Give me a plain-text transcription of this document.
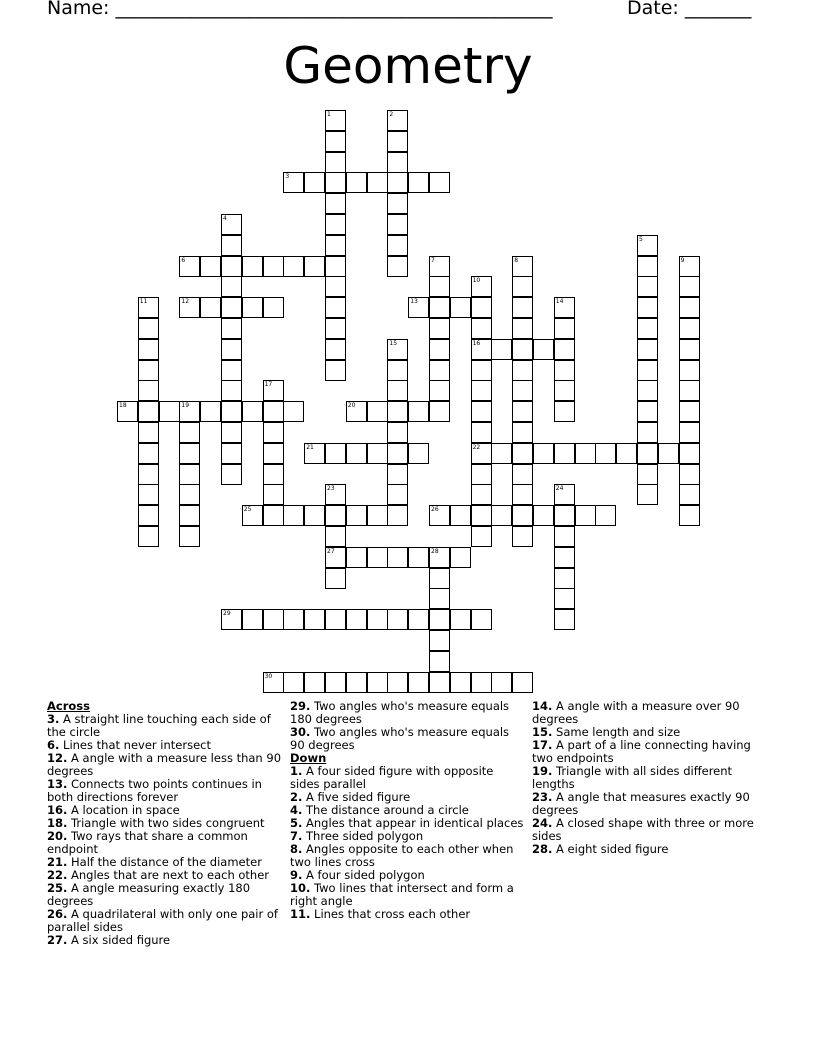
Name: ______________________________________________	Date: _______
Geometry
1	2
3
4
5
6	7	8	9
10
11	12	13	14
15	16
17
18	19	20
21	22
23	24
25	26
27	28
29
30
Across
3. A straight line touching each side of the circle
6. Lines that never intersect
12. A angle with a measure less than 90 degrees
13. Connects two points continues in both directions forever
16. A location in space
18. Triangle with two sides congruent
20. Two rays that share a common endpoint
21. Half the distance of the diameter
22. Angles that are next to each other
25. A angle measuring exactly 180 degrees
26. A quadrilateral with only one pair of parallel sides
27. A six sided figure
29. Two angles who's measure equals 180 degrees
30. Two angles who's measure equals 90 degrees
Down
1. A four sided figure with opposite sides parallel
2. A five sided figure
4. The distance around a circle
5. Angles that appear in identical places
7. Three sided polygon
8. Angles opposite to each other when two lines cross
9. A four sided polygon
10. Two lines that intersect and form a right angle
11. Lines that cross each other
14. A angle with a measure over 90 degrees
15. Same length and size
17. A part of a line connecting having two endpoints
19. Triangle with all sides different lengths
23. A angle that measures exactly 90 degrees
24. A closed shape with three or more sides
28. A eight sided figure
